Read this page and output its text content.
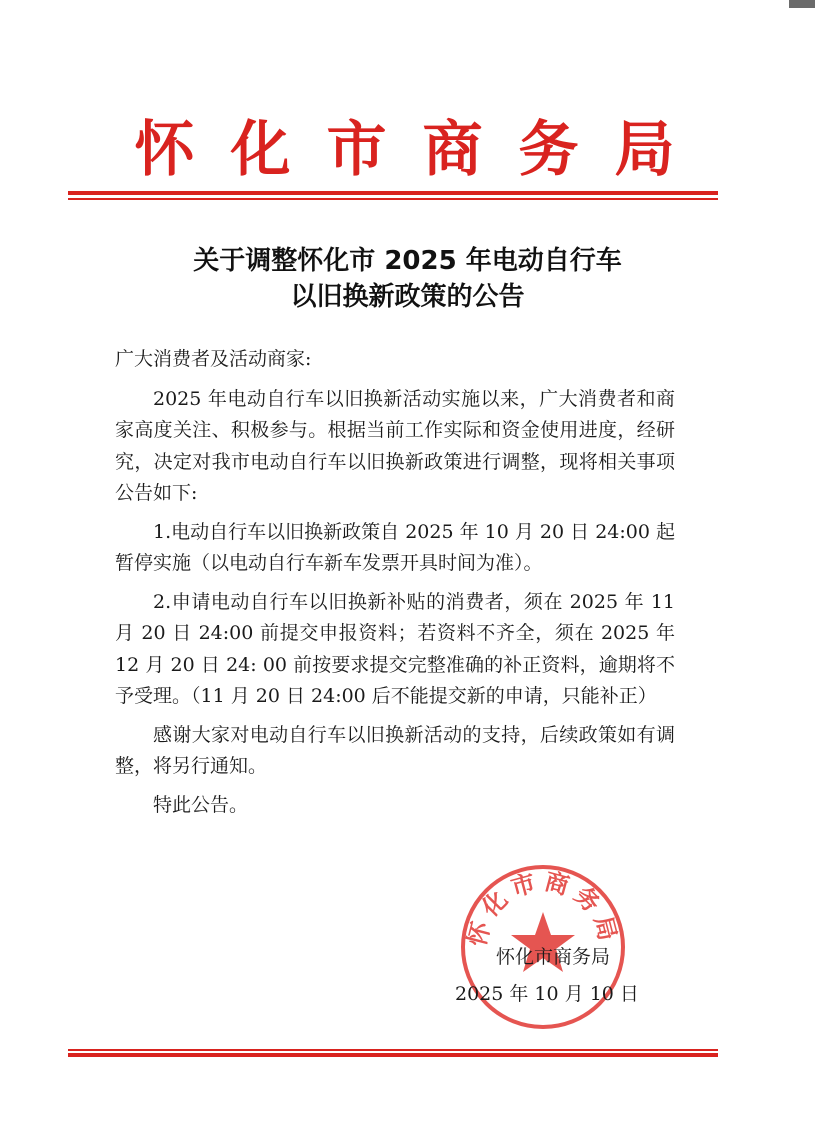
怀化市商务局
关于调整怀化市 2025 年电动自行车
以旧换新政策的公告

广大消费者及活动商家:

2025 年电动自行车以旧换新活动实施以来，广大消费者和商家高度关注、积极参与。根据当前工作实际和资金使用进度，经研究，决定对我市电动自行车以旧换新政策进行调整，现将相关事项公告如下:

1.电动自行车以旧换新政策自 2025 年 10 月 20 日 24:00 起暂停实施（以电动自行车新车发票开具时间为准）。

2.申请电动自行车以旧换新补贴的消费者，须在 2025 年 11 月 20 日 24:00 前提交申报资料；若资料不齐全，须在 2025 年 12 月 20 日 24: 00 前按要求提交完整准确的补正资料，逾期将不予受理。（11 月 20 日 24:00 后不能提交新的申请，只能补正）

感谢大家对电动自行车以旧换新活动的支持，后续政策如有调整，将另行通知。

特此公告。

怀化市商务局
怀化市商务局
2025 年 10 月 10 日
